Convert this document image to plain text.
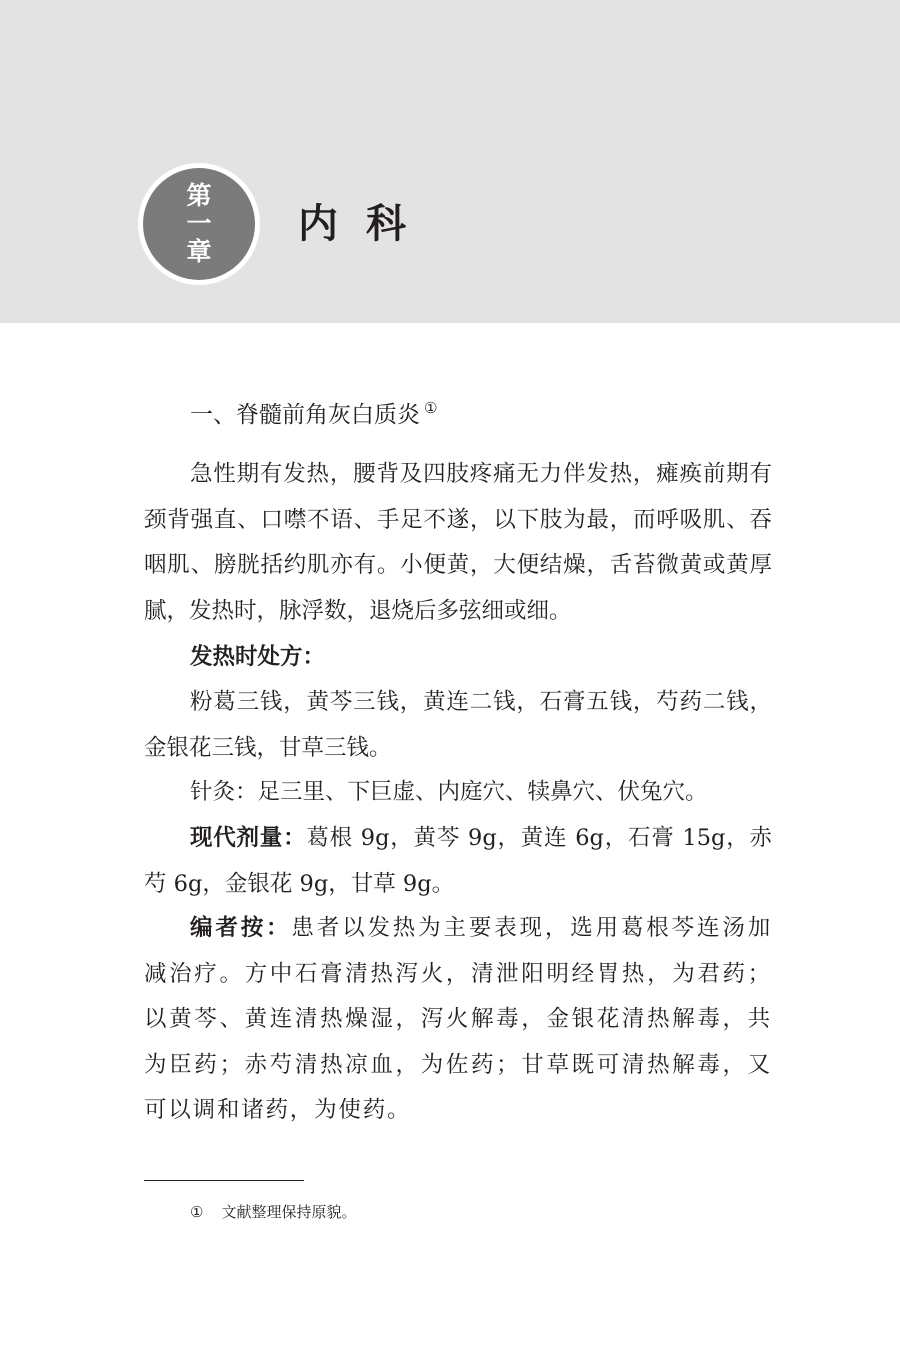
第
一
章
内科
一、脊髓前角灰白质炎 ①

急性期有发热，腰背及四肢疼痛无力伴发热，瘫痪前期有颈背强直、口噤不语、手足不遂，以下肢为最，而呼吸肌、吞咽肌、膀胱括约肌亦有。小便黄，大便结燥，舌苔微黄或黄厚腻，发热时，脉浮数，退烧后多弦细或细。

发热时处方：

粉葛三钱，黄芩三钱，黄连二钱，石膏五钱，芍药二钱，金银花三钱，甘草三钱。

针灸：足三里、下巨虚、内庭穴、犊鼻穴、伏兔穴。

现代剂量：葛根 9g，黄芩 9g，黄连 6g，石膏 15g，赤芍 6g，金银花 9g，甘草 9g。

编者按：患者以发热为主要表现，选用葛根芩连汤加减治疗。方中石膏清热泻火，清泄阳明经胃热，为君药；以黄芩、黄连清热燥湿，泻火解毒，金银花清热解毒，共为臣药；赤芍清热凉血，为佐药；甘草既可清热解毒，又可以调和诸药，为使药。

① 文献整理保持原貌。
